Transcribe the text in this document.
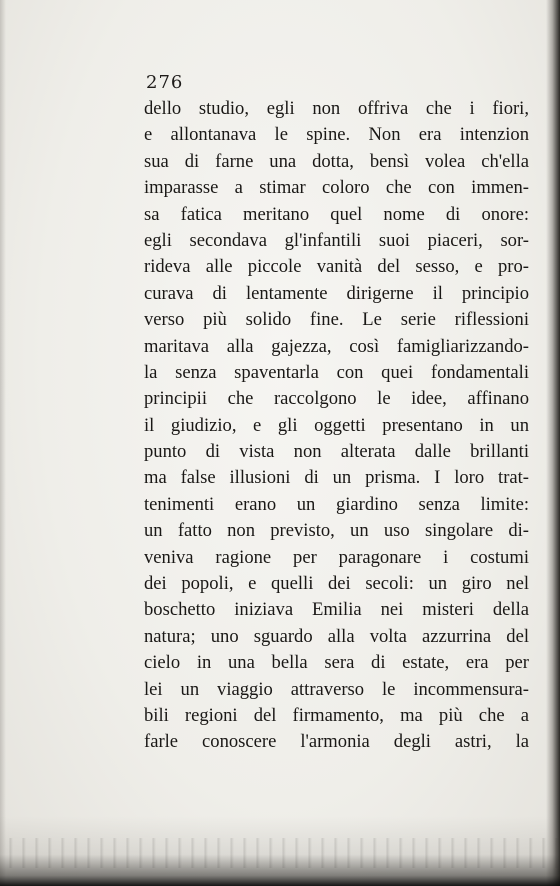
276
dello studio, egli non offriva che i fiori,
e allontanava le spine. Non era intenzion
sua di farne una dotta, bensì volea ch'ella
imparasse a stimar coloro che con immen-
sa fatica meritano quel nome di onore:
egli secondava gl'infantili suoi piaceri, sor-
rideva alle piccole vanità del sesso, e pro-
curava di lentamente dirigerne il principio
verso più solido fine. Le serie riflessioni
maritava alla gajezza, così famigliarizzando-
la senza spaventarla con quei fondamentali
principii che raccolgono le idee, affinano
il giudizio, e gli oggetti presentano in un
punto di vista non alterata dalle brillanti
ma false illusioni di un prisma. I loro trat-
tenimenti erano un giardino senza limite:
un fatto non previsto, un uso singolare di-
veniva ragione per paragonare i costumi
dei popoli, e quelli dei secoli: un giro nel
boschetto iniziava Emilia nei misteri della
natura; uno sguardo alla volta azzurrina del
cielo in una bella sera di estate, era per
lei un viaggio attraverso le incommensura-
bili regioni del firmamento, ma più che a
farle conoscere l'armonia degli astri, la
